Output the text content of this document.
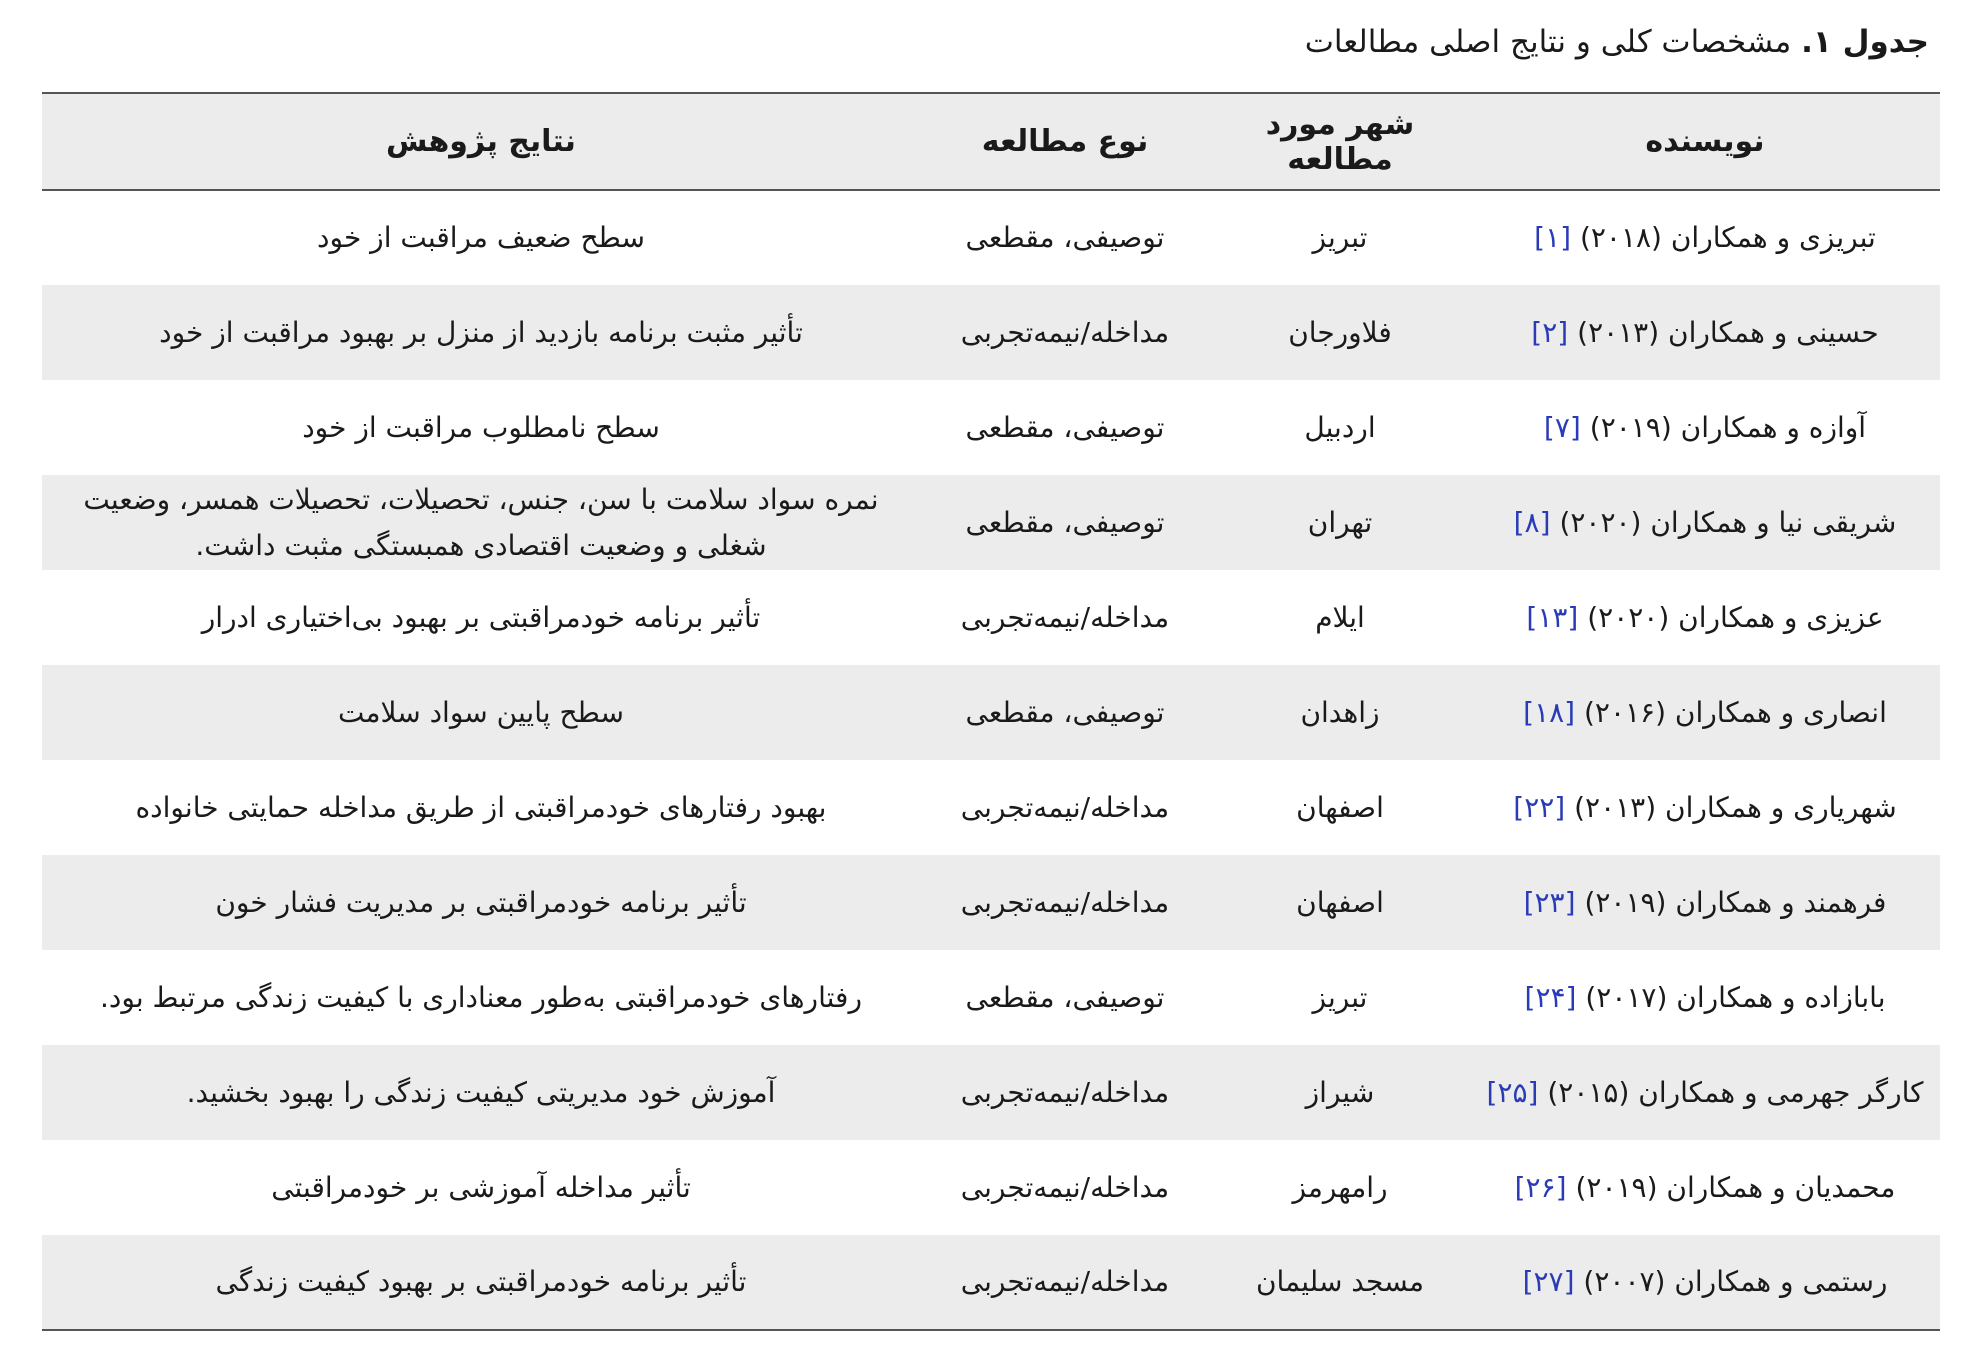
جدول ۱. مشخصات کلی و نتایج اصلی مطالعات
نویسنده	شهر مورد مطالعه	نوع مطالعه	نتایج پژوهش
تبریزی و همکاران (۲۰۱۸) [۱]	تبریز	توصیفی، مقطعی	سطح ضعیف مراقبت از خود
حسینی و همکاران (۲۰۱۳) [۲]	فلاورجان	مداخله/نیمه‌تجربی	تأثیر مثبت برنامه بازدید از منزل بر بهبود مراقبت از خود
آوازه و همکاران (۲۰۱۹) [۷]	اردبیل	توصیفی، مقطعی	سطح نامطلوب مراقبت از خود
شریقی نیا و همکاران (۲۰۲۰) [۸]	تهران	توصیفی، مقطعی	نمره سواد سلامت با سن، جنس، تحصیلات، تحصیلات همسر، وضعیت شغلی و وضعیت اقتصادی همبستگی مثبت داشت.
عزیزی و همکاران (۲۰۲۰) [۱۳]	ایلام	مداخله/نیمه‌تجربی	تأثیر برنامه خودمراقبتی بر بهبود بی‌اختیاری ادرار
انصاری و همکاران (۲۰۱۶) [۱۸]	زاهدان	توصیفی، مقطعی	سطح پایین سواد سلامت
شهریاری و همکاران (۲۰۱۳) [۲۲]	اصفهان	مداخله/نیمه‌تجربی	بهبود رفتارهای خودمراقبتی از طریق مداخله حمایتی خانواده
فرهمند و همکاران (۲۰۱۹) [۲۳]	اصفهان	مداخله/نیمه‌تجربی	تأثیر برنامه خودمراقبتی بر مدیریت فشار خون
بابازاده و همکاران (۲۰۱۷) [۲۴]	تبریز	توصیفی، مقطعی	رفتارهای خودمراقبتی به‌طور معناداری با کیفیت زندگی مرتبط بود.
کارگر جهرمی و همکاران (۲۰۱۵) [۲۵]	شیراز	مداخله/نیمه‌تجربی	آموزش خود مدیریتی کیفیت زندگی را بهبود بخشید.
محمدیان و همکاران (۲۰۱۹) [۲۶]	رامهرمز	مداخله/نیمه‌تجربی	تأثیر مداخله آموزشی بر خودمراقبتی
رستمی و همکاران (۲۰۰۷) [۲۷]	مسجد سلیمان	مداخله/نیمه‌تجربی	تأثیر برنامه خودمراقبتی بر بهبود کیفیت زندگی
